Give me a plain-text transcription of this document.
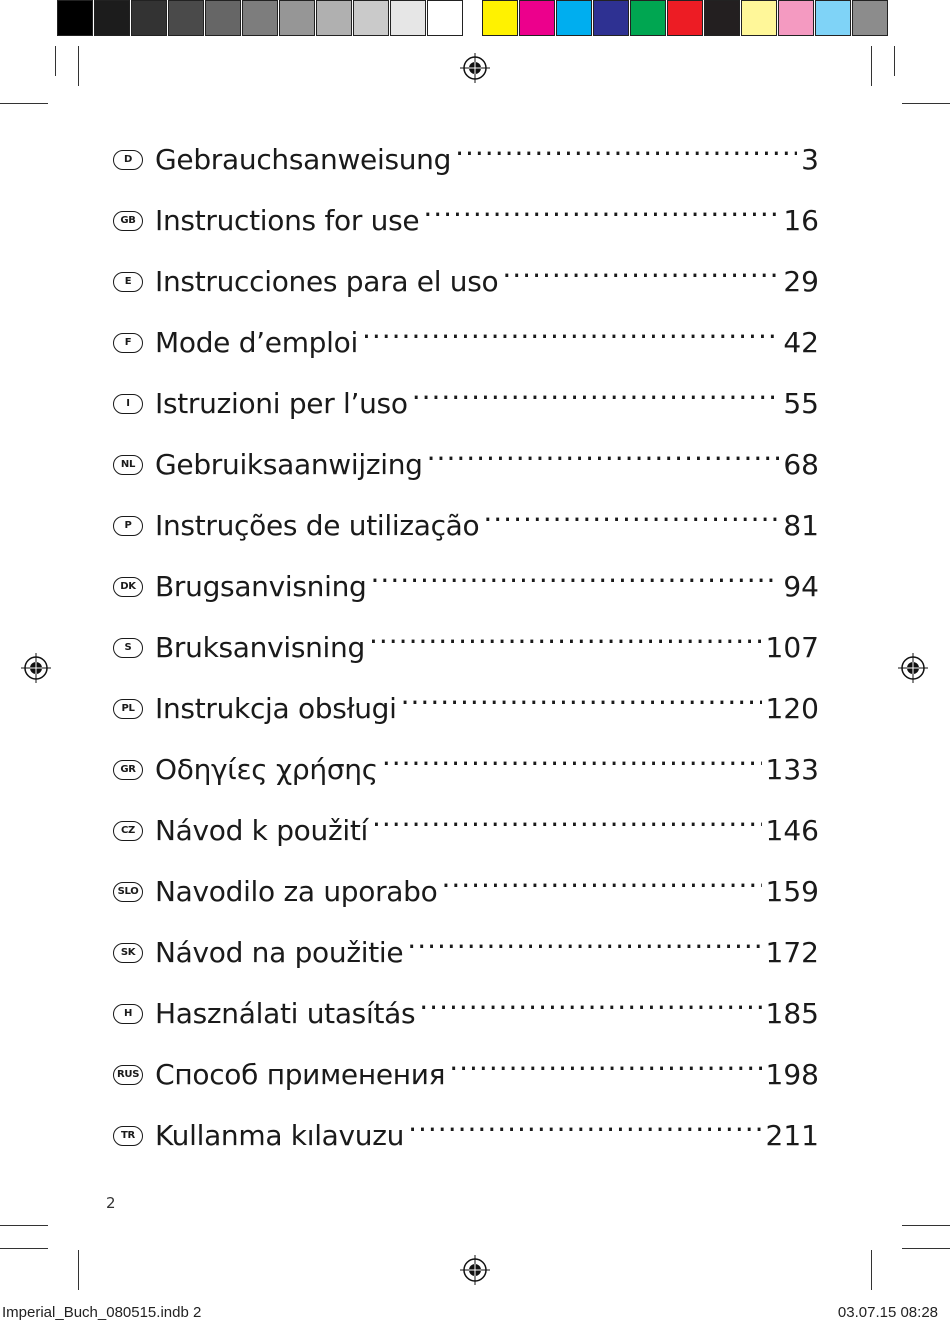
D Gebrauchsanweisung .....	3
GB Instructions for use .....	16
E Instrucciones para el uso .....	29
F Mode d’emploi .....	42
I Istruzioni per l’uso .....	55
NL Gebruiksaanwijzing .....	68
P Instruções de utilização .....	81
DK Brugsanvisning .....	94
S Bruksanvisning .....	107
PL Instrukcja obsługi .....	120
GR Οδηγίες χρήσης .....	133
CZ Návod k použití .....	146
SLO Navodilo za uporabo .....	159
SK Návod na použitie .....	172
H Használati utasítás .....	185
RUS Способ применения .....	198
TR Kullanma kılavuzu .....	211
2
Imperial_Buch_080515.indb 2	03.07.15 08:28
